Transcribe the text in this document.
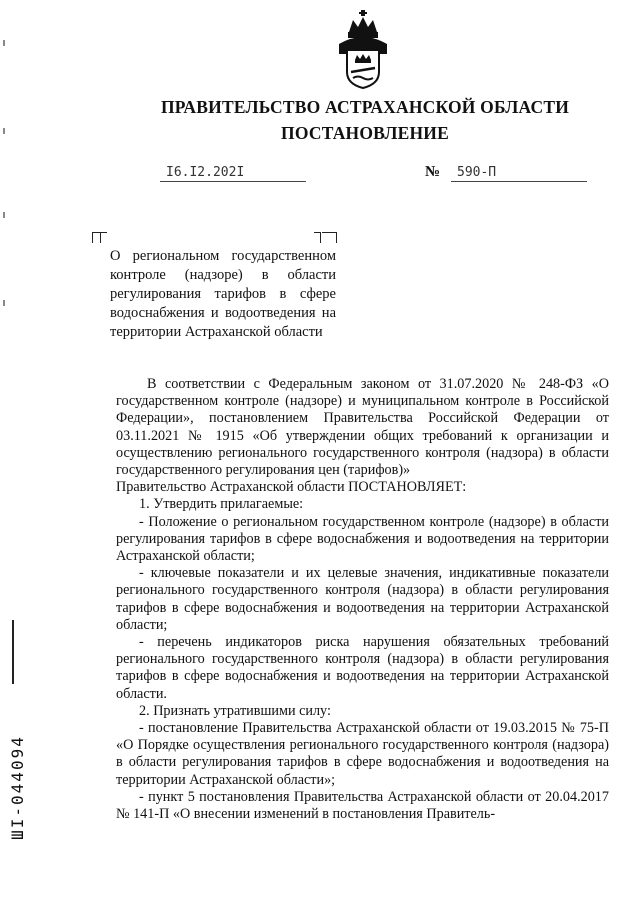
ПРАВИТЕЛЬСТВО АСТРАХАНСКОЙ ОБЛАСТИ
ПОСТАНОВЛЕНИЕ
I6.I2.202I	№	590-П
О региональном государственном контроле (надзоре) в области регулирования тарифов в сфере водоснабжения и водоотведения на территории Астраханской области

В соответствии с Федеральным законом от 31.07.2020 № 248-ФЗ «О государственном контроле (надзоре) и муниципальном контроле в Российской Федерации», постановлением Правительства Российской Федерации от 03.11.2021 № 1915 «Об утверждении общих требований к организации и осуществлению регионального государственного контроля (надзора) в области государственного регулирования цен (тарифов)»

Правительство Астраханской области ПОСТАНОВЛЯЕТ:

1. Утвердить прилагаемые:

- Положение о региональном государственном контроле (надзоре) в области регулирования тарифов в сфере водоснабжения и водоотведения на территории Астраханской области;

- ключевые показатели и их целевые значения, индикативные показатели регионального государственного контроля (надзора) в области регулирования тарифов в сфере водоснабжения и водоотведения на территории Астраханской области;

- перечень индикаторов риска нарушения обязательных требований регионального государственного контроля (надзора) в области регулирования тарифов в сфере водоснабжения и водоотведения на территории Астраханской области.

2. Признать утратившими силу:

- постановление Правительства Астраханской области от 19.03.2015 № 75-П «О Порядке осуществления регионального государственного контроля (надзора) в области регулирования тарифов в сфере водоснабжения и водоотведения на территории Астраханской области»;

- пункт 5 постановления Правительства Астраханской области от 20.04.2017 № 141-П «О внесении изменений в постановления Правитель-

ШI-044094
